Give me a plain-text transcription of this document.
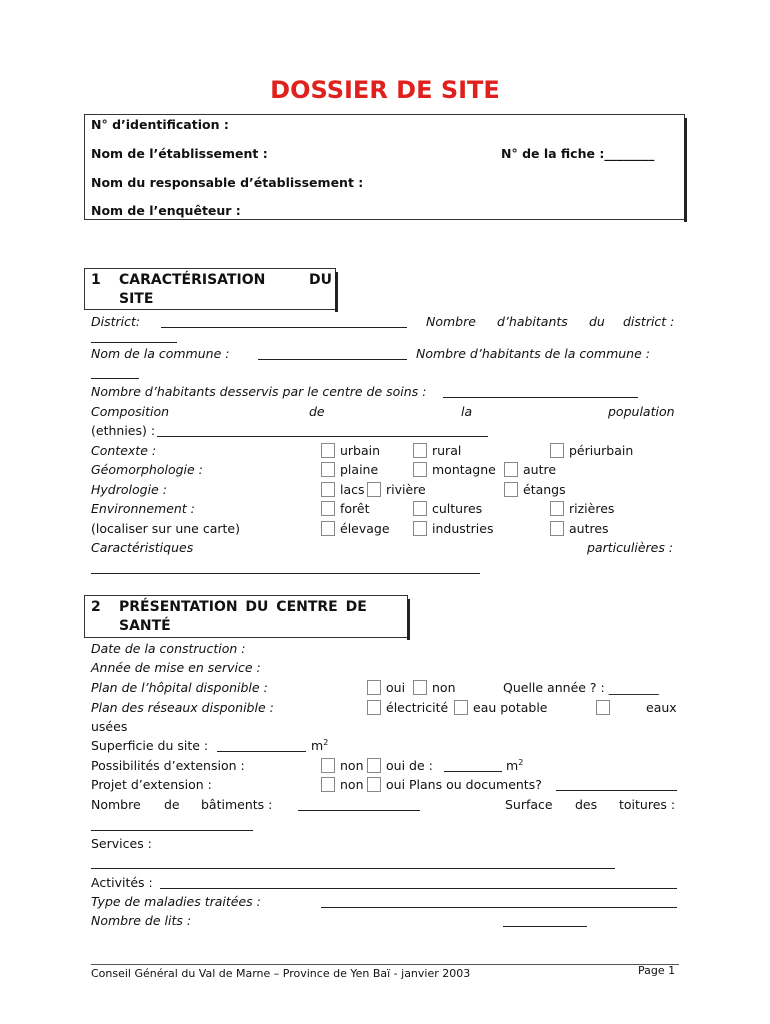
DOSSIER DE SITE
N° d’identification :
Nom de l’établissement :	N° de la fiche :________
Nom du responsable d’établissement :
Nom de l’enquêteur :
1 CARACTÉRISATION	DU
SITE
District:	Nombre d’habitants du district :
Nom de la commune :	Nombre d’habitants de la commune :
Nombre d’habitants desservis par le centre de soins :
Composition	de	la	population
(ethnies) :
Contexte :	urbain	rural	périurbain
Géomorphologie :	plaine	montagne autre
Hydrologie :	lacs rivière	étangs
Environnement :	forêt	cultures	rizières
(localiser sur une carte)	élevage	industries	autres
Caractéristiques	particulières :
2 PRÉSENTATION DU CENTRE DE
SANTÉ
Date de la construction :
Année de mise en service :
Plan de l’hôpital disponible :	oui non	Quelle année ? : ________
Plan des réseaux disponible :	électricité eau potable	eaux
usées
Superficie du site :	$m^2$
Possibilités d’extension :	non oui de :	$m^2$
Projet d’extension :	non oui Plans ou documents?
Nombre de bâtiments :	Surface des toitures :
Services :
Activités :
Type de maladies traitées :
Nombre de lits :
Conseil Général du Val de Marne – Province de Yen Baï - janvier 2003	Page 1
